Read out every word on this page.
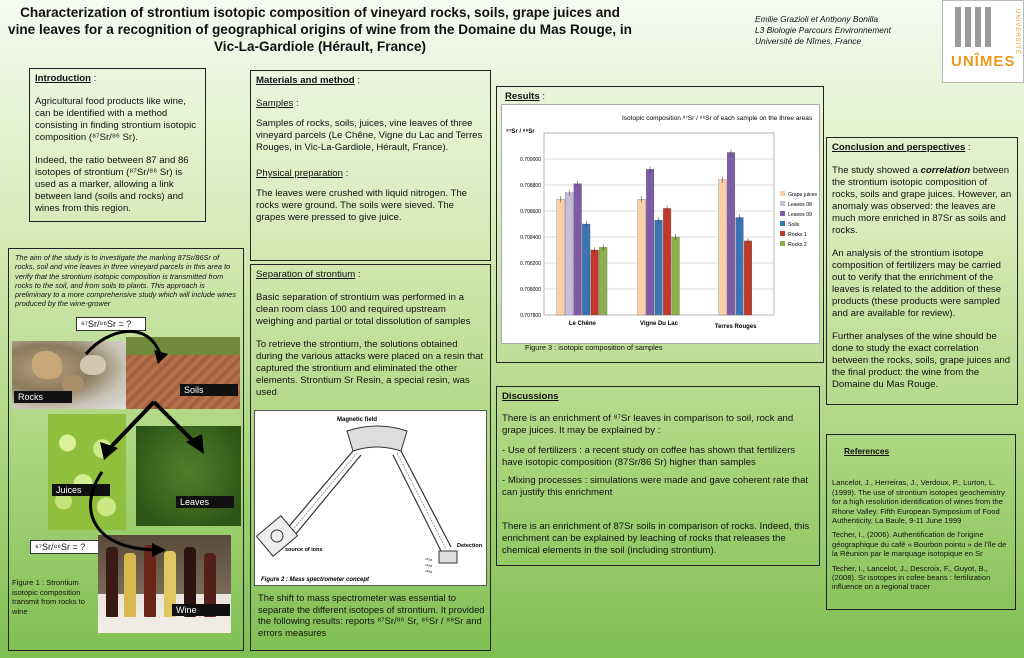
Characterization of strontium isotopic composition of vineyard rocks, soils, grape juices and vine leaves for a recognition of geographical origins of wine from the Domaine du Mas Rouge, in Vic-La-Gardiole (Hérault, France)
Emilie Grazioli et Anthony Bonilla
L3 Biologie Parcours Environnement
Université de Nîmes, France
UNÎMES
UNIVERSITÉ

Introduction :

Agricultural food products like wine, can be identified with a method consisting in finding strontium isotopic composition (⁸⁷Sr/⁸⁶ Sr).

Indeed, the ratio between 87 and 86 isotopes of strontium (⁸⁷Sr/⁸⁶ Sr) is used as a marker, allowing a link between land (soils and rocks) and wines from this region.

The aim of the study is to investigate the marking 87Sr/86Sr of rocks, soil and vine leaves in three vineyard parcels in this area to verify that the strontium isotopic composition is transmitted from rocks to the soil, and from soils to plants. This approach is preliminary to a more comprehensive study which will include wines produced by the wine-grower
⁸⁷Sr/⁸⁶Sr = ?
Rocks
Soils
Juices
Leaves
⁸⁷Sr/⁸⁶Sr = ?
Wine
Figure 1 : Strontium isotopic composition transmit from rocks to wine

Materials and method :

Samples :

Samples of rocks, soils, juices, vine leaves of three vineyard parcels (Le Chêne, Vigne du Lac and Terres Rouges, in Vic-La-Gardiole, Hérault, France).

Physical preparation :

The leaves were crushed with liquid nitrogen. The rocks were ground. The soils were sieved. The grapes were pressed to give juice.

Separation of strontium :

Basic separation of strontium was performed in a clean room class 100 and required upstream weighing and partial or total dissolution of samples

To retrieve the strontium, the solutions obtained during the various attacks were placed on a resin that captured the strontium and eliminated the other elements. Strontium Sr Resin, a special resin, was used

Magnetic field
source of ions
Detection
⁸⁷Sr
⁸⁶Sr
⁸⁸Sr
Figure 2 : Mass spectrometer concept
The shift to mass spectrometer was essential to separate the different isotopes of strontium. It provided the following results: reports ⁸⁷Sr/⁸⁶ Sr, ⁸⁶Sr / ⁸⁸Sr and errors measures
Results :
Isotopic composition ⁸⁷Sr / ⁸⁶Sr of each sample on the three areas
⁸⁷Sr / ⁸⁶Sr
0.709000
0.708800
0.708600
0.708400
0.708200
0.708000
0.707800
Le Chêne	Vigne Du Lac	Terres Rouges
Grape juices
Leaves 08
Leaves 09
Soils
Rocks 1
Rocks 2
Figure 3 : isotopic composition of samples

Conclusion and perspectives :

The study showed a correlation between the strontium isotopic composition of rocks, soils and grape juices. However, an anomaly was observed: the leaves are much more enriched in 87Sr as soils and rocks.

An analysis of the strontium isotope composition of fertilizers may be carried out to verify that the enrichment of the leaves is related to the addition of these products (these products were sampled and are available for review).

Further analyses of the wine should be done to study the exact correlation between the rocks, soils, grape juices and the final product: the wine from the Domaine du Mas Rouge.

Discussions

There is an enrichment of ⁸⁷Sr leaves in comparison to soil, rock and grape juices. It may be explained by :

- Use of fertilizers : a recent study on coffee has shown that fertilizers have isotopic composition (87Sr/86 Sr) higher than samples

- Mixing processes : simulations were made and gave coherent rate that can justify this enrichment

There is an enrichment of 87Sr soils in comparison of rocks. Indeed, this enrichment can be explained by leaching of rocks that releases the chemical elements in the soil (including strontium).

References
Lancelot, J., Herreiras, J., Verdoux, P., Lurton, L. (1999). The use of strontium isotopes geochemistry for a high resolution identification of wines from the Rhone Valley. Fifth European Symposium of Food Authenticity, La Baule, 9-11 June 1999
Techer, I., (2006). Authentification de l’origine géographique du café « Bourbon pointu » de l’île de la Réunion par le marquage isotopique en Sr
Techer, I., Lancelot, J., Descroix, F., Guyot, B., (2008). Sr isotopes in cofee beans : fertilization influence on a regional tracer
